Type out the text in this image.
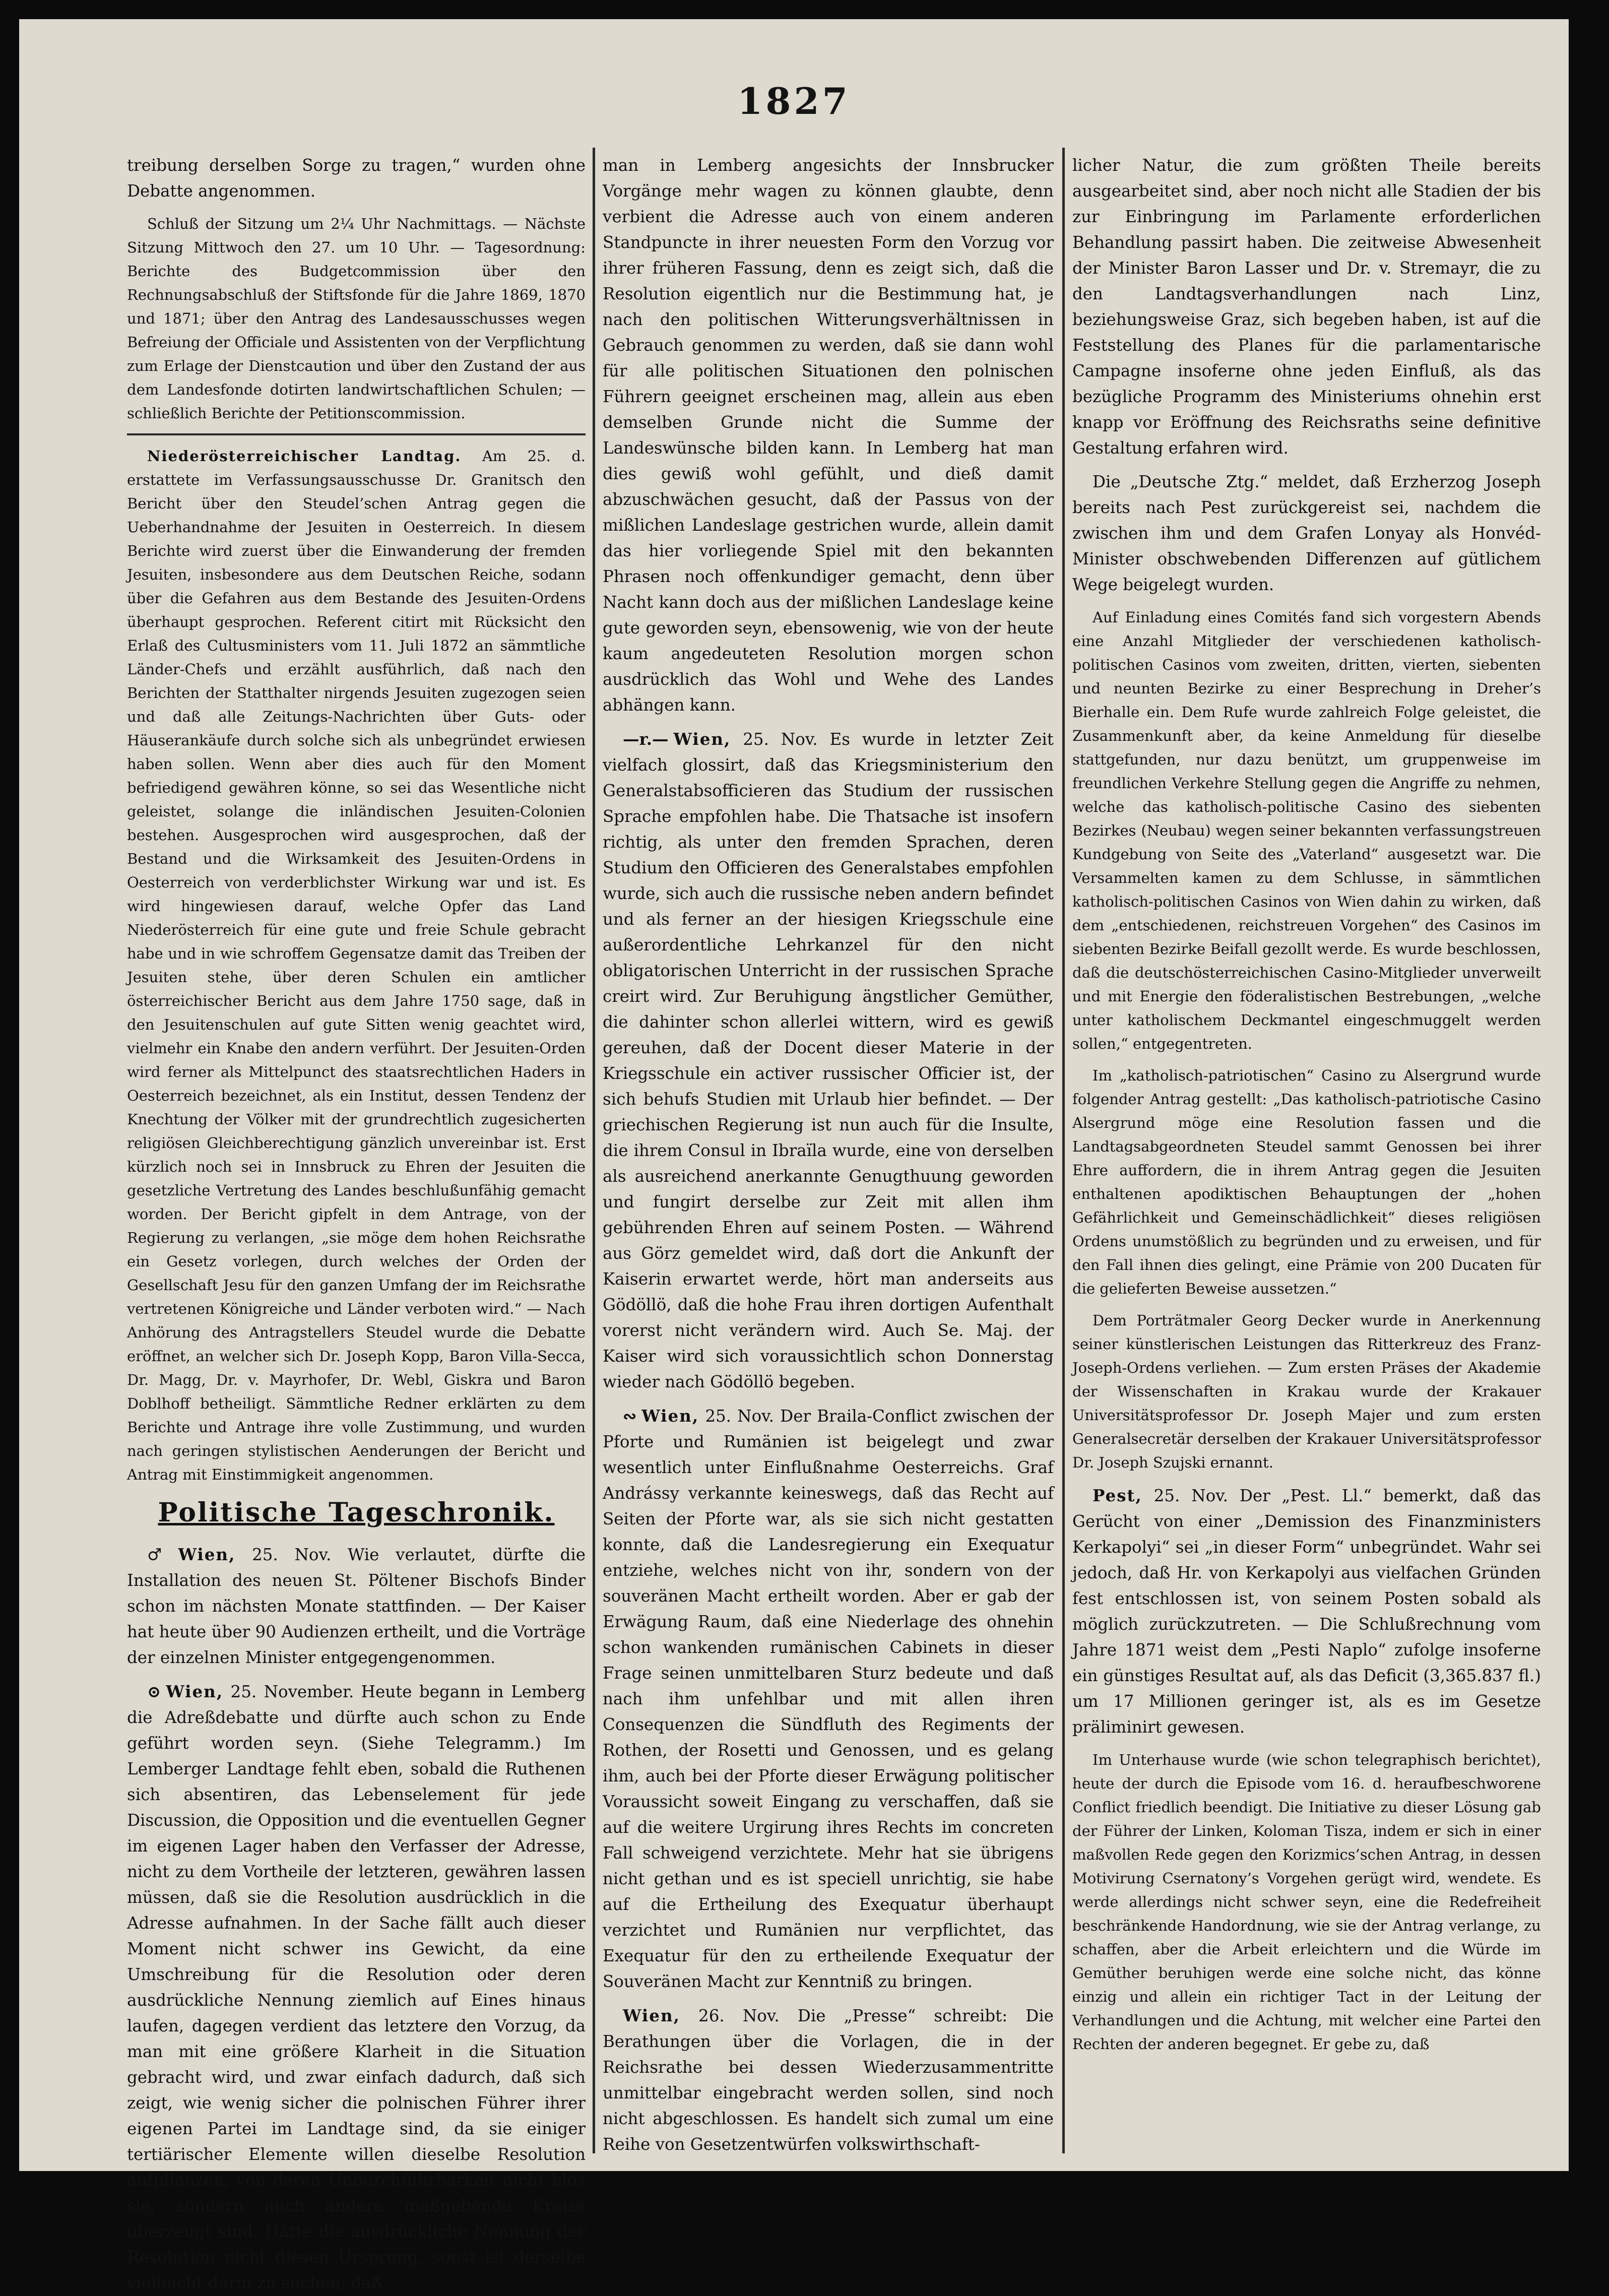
1827

treibung derselben Sorge zu tragen,“ wurden ohne Debatte angenommen.

Schluß der Sitzung um 2¼ Uhr Nachmittags. — Nächste Sitzung Mittwoch den 27. um 10 Uhr. — Tagesordnung: Berichte des Budgetcommission über den Rechnungsabschluß der Stiftsfonde für die Jahre 1869, 1870 und 1871; über den Antrag des Landesausschusses wegen Befreiung der Officiale und Assistenten von der Verpflichtung zum Erlage der Dienstcaution und über den Zustand der aus dem Landesfonde dotirten landwirtschaftlichen Schulen; — schließlich Berichte der Petitionscommission.

Niederösterreichischer Landtag. Am 25. d. erstattete im Verfassungsausschusse Dr. Granitsch den Bericht über den Steudel’schen Antrag gegen die Ueberhandnahme der Jesuiten in Oesterreich. In diesem Berichte wird zuerst über die Einwanderung der fremden Jesuiten, insbesondere aus dem Deutschen Reiche, sodann über die Gefahren aus dem Bestande des Jesuiten-Ordens überhaupt gesprochen. Referent citirt mit Rücksicht den Erlaß des Cultusministers vom 11. Juli 1872 an sämmtliche Länder-Chefs und erzählt ausführlich, daß nach den Berichten der Statthalter nirgends Jesuiten zugezogen seien und daß alle Zeitungs-Nachrichten über Guts- oder Häuserankäufe durch solche sich als unbegründet erwiesen haben sollen. Wenn aber dies auch für den Moment befriedigend gewähren könne, so sei das Wesentliche nicht geleistet, solange die inländischen Jesuiten-Colonien bestehen. Ausgesprochen wird ausgesprochen, daß der Bestand und die Wirksamkeit des Jesuiten-Ordens in Oesterreich von verderblichster Wirkung war und ist. Es wird hingewiesen darauf, welche Opfer das Land Niederösterreich für eine gute und freie Schule gebracht habe und in wie schroffem Gegensatze damit das Treiben der Jesuiten stehe, über deren Schulen ein amtlicher österreichischer Bericht aus dem Jahre 1750 sage, daß in den Jesuitenschulen auf gute Sitten wenig geachtet wird, vielmehr ein Knabe den andern verführt. Der Jesuiten-Orden wird ferner als Mittelpunct des staatsrechtlichen Haders in Oesterreich bezeichnet, als ein Institut, dessen Tendenz der Knechtung der Völker mit der grundrechtlich zugesicherten religiösen Gleichberechtigung gänzlich unvereinbar ist. Erst kürzlich noch sei in Innsbruck zu Ehren der Jesuiten die gesetzliche Vertretung des Landes beschlußunfähig gemacht worden. Der Bericht gipfelt in dem Antrage, von der Regierung zu verlangen, „sie möge dem hohen Reichsrathe ein Gesetz vorlegen, durch welches der Orden der Gesellschaft Jesu für den ganzen Umfang der im Reichsrathe vertretenen Königreiche und Länder verboten wird.“ — Nach Anhörung des Antragstellers Steudel wurde die Debatte eröffnet, an welcher sich Dr. Joseph Kopp, Baron Villa-Secca, Dr. Magg, Dr. v. Mayrhofer, Dr. Webl, Giskra und Baron Doblhoff betheiligt. Sämmtliche Redner erklärten zu dem Berichte und Antrage ihre volle Zustimmung, und wurden nach geringen stylistischen Aenderungen der Bericht und Antrag mit Einstimmigkeit angenommen.

Politische Tageschronik.

♂ Wien, 25. Nov. Wie verlautet, dürfte die Installation des neuen St. Pöltener Bischofs Binder schon im nächsten Monate stattfinden. — Der Kaiser hat heute über 90 Audienzen ertheilt, und die Vorträge der einzelnen Minister entgegengenommen.

⊙ Wien, 25. November. Heute begann in Lemberg die Adreßdebatte und dürfte auch schon zu Ende geführt worden seyn. (Siehe Telegramm.) Im Lemberger Landtage fehlt eben, sobald die Ruthenen sich absentiren, das Lebenselement für jede Discussion, die Opposition und die eventuellen Gegner im eigenen Lager haben den Verfasser der Adresse, nicht zu dem Vortheile der letzteren, gewähren lassen müssen, daß sie die Resolution ausdrücklich in die Adresse aufnahmen. In der Sache fällt auch dieser Moment nicht schwer ins Gewicht, da eine Umschreibung für die Resolution oder deren ausdrückliche Nennung ziemlich auf Eines hinaus laufen, dagegen verdient das letztere den Vorzug, da man mit eine größere Klarheit in die Situation gebracht wird, und zwar einfach dadurch, daß sich zeigt, wie wenig sicher die polnischen Führer ihrer eigenen Partei im Landtage sind, da sie einiger tertiärischer Elemente willen dieselbe Resolution aufpflanzen, von deren Unburchführbarkeit nicht blos sie, sondern auch andere maßgebende Kreise überzeugt sind. Hätte die ausdrückliche Nennung der Resolution nicht diesen Ursprung, sonst ist derselbe vielleicht darin zu suchen, daß

man in Lemberg angesichts der Innsbrucker Vorgänge mehr wagen zu können glaubte, denn verbient die Adresse auch von einem anderen Standpuncte in ihrer neuesten Form den Vorzug vor ihrer früheren Fassung, denn es zeigt sich, daß die Resolution eigentlich nur die Bestimmung hat, je nach den politischen Witterungsverhältnissen in Gebrauch genommen zu werden, daß sie dann wohl für alle politischen Situationen den polnischen Führern geeignet erscheinen mag, allein aus eben demselben Grunde nicht die Summe der Landeswünsche bilden kann. In Lemberg hat man dies gewiß wohl gefühlt, und dieß damit abzuschwächen gesucht, daß der Passus von der mißlichen Landeslage gestrichen wurde, allein damit das hier vorliegende Spiel mit den bekannten Phrasen noch offenkundiger gemacht, denn über Nacht kann doch aus der mißlichen Landeslage keine gute geworden seyn, ebensowenig, wie von der heute kaum angedeuteten Resolution morgen schon ausdrücklich das Wohl und Wehe des Landes abhängen kann.

—r.— Wien, 25. Nov. Es wurde in letzter Zeit vielfach glossirt, daß das Kriegsministerium den Generalstabsofficieren das Studium der russischen Sprache empfohlen habe. Die Thatsache ist insofern richtig, als unter den fremden Sprachen, deren Studium den Officieren des Generalstabes empfohlen wurde, sich auch die russische neben andern befindet und als ferner an der hiesigen Kriegsschule eine außerordentliche Lehrkanzel für den nicht obligatorischen Unterricht in der russischen Sprache creirt wird. Zur Beruhigung ängstlicher Gemüther, die dahinter schon allerlei wittern, wird es gewiß gereuhen, daß der Docent dieser Materie in der Kriegsschule ein activer russischer Officier ist, der sich behufs Studien mit Urlaub hier befindet. — Der griechischen Regierung ist nun auch für die Insulte, die ihrem Consul in Ibraïla wurde, eine von derselben als ausreichend anerkannte Genugthuung geworden und fungirt derselbe zur Zeit mit allen ihm gebührenden Ehren auf seinem Posten. — Während aus Görz gemeldet wird, daß dort die Ankunft der Kaiserin erwartet werde, hört man anderseits aus Gödöllö, daß die hohe Frau ihren dortigen Aufenthalt vorerst nicht verändern wird. Auch Se. Maj. der Kaiser wird sich voraussichtlich schon Donnerstag wieder nach Gödöllö begeben.

∾ Wien, 25. Nov. Der Braila-Conflict zwischen der Pforte und Rumänien ist beigelegt und zwar wesentlich unter Einflußnahme Oesterreichs. Graf Andrássy verkannte keineswegs, daß das Recht auf Seiten der Pforte war, als sie sich nicht gestatten konnte, daß die Landesregierung ein Exequatur entziehe, welches nicht von ihr, sondern von der souveränen Macht ertheilt worden. Aber er gab der Erwägung Raum, daß eine Niederlage des ohnehin schon wankenden rumänischen Cabinets in dieser Frage seinen unmittelbaren Sturz bedeute und daß nach ihm unfehlbar und mit allen ihren Consequenzen die Sündfluth des Regiments der Rothen, der Rosetti und Genossen, und es gelang ihm, auch bei der Pforte dieser Erwägung politischer Voraussicht soweit Eingang zu verschaffen, daß sie auf die weitere Urgirung ihres Rechts im concreten Fall schweigend verzichtete. Mehr hat sie übrigens nicht gethan und es ist speciell unrichtig, sie habe auf die Ertheilung des Exequatur überhaupt verzichtet und Rumänien nur verpflichtet, das Exequatur für den zu ertheilende Exequatur der Souveränen Macht zur Kenntniß zu bringen.

Wien, 26. Nov. Die „Presse“ schreibt: Die Berathungen über die Vorlagen, die in der Reichsrathe bei dessen Wiederzusammentritte unmittelbar eingebracht werden sollen, sind noch nicht abgeschlossen. Es handelt sich zumal um eine Reihe von Gesetzentwürfen volkswirthschaft-

licher Natur, die zum größten Theile bereits ausgearbeitet sind, aber noch nicht alle Stadien der bis zur Einbringung im Parlamente erforderlichen Behandlung passirt haben. Die zeitweise Abwesenheit der Minister Baron Lasser und Dr. v. Stremayr, die zu den Landtagsverhandlungen nach Linz, beziehungsweise Graz, sich begeben haben, ist auf die Feststellung des Planes für die parlamentarische Campagne insoferne ohne jeden Einfluß, als das bezügliche Programm des Ministeriums ohnehin erst knapp vor Eröffnung des Reichsraths seine definitive Gestaltung erfahren wird.

Die „Deutsche Ztg.“ meldet, daß Erzherzog Joseph bereits nach Pest zurückgereist sei, nachdem die zwischen ihm und dem Grafen Lonyay als Honvéd-Minister obschwebenden Differenzen auf gütlichem Wege beigelegt wurden.

Auf Einladung eines Comités fand sich vorgestern Abends eine Anzahl Mitglieder der verschiedenen katholisch-politischen Casinos vom zweiten, dritten, vierten, siebenten und neunten Bezirke zu einer Besprechung in Dreher’s Bierhalle ein. Dem Rufe wurde zahlreich Folge geleistet, die Zusammenkunft aber, da keine Anmeldung für dieselbe stattgefunden, nur dazu benützt, um gruppenweise im freundlichen Verkehre Stellung gegen die Angriffe zu nehmen, welche das katholisch-politische Casino des siebenten Bezirkes (Neubau) wegen seiner bekannten verfassungstreuen Kundgebung von Seite des „Vaterland“ ausgesetzt war. Die Versammelten kamen zu dem Schlusse, in sämmtlichen katholisch-politischen Casinos von Wien dahin zu wirken, daß dem „entschiedenen, reichstreuen Vorgehen“ des Casinos im siebenten Bezirke Beifall gezollt werde. Es wurde beschlossen, daß die deutschösterreichischen Casino-Mitglieder unverweilt und mit Energie den föderalistischen Bestrebungen, „welche unter katholischem Deckmantel eingeschmuggelt werden sollen,“ entgegentreten.

Im „katholisch-patriotischen“ Casino zu Alsergrund wurde folgender Antrag gestellt: „Das katholisch-patriotische Casino Alsergrund möge eine Resolution fassen und die Landtagsabgeordneten Steudel sammt Genossen bei ihrer Ehre auffordern, die in ihrem Antrag gegen die Jesuiten enthaltenen apodiktischen Behauptungen der „hohen Gefährlichkeit und Gemeinschädlichkeit“ dieses religiösen Ordens unumstößlich zu begründen und zu erweisen, und für den Fall ihnen dies gelingt, eine Prämie von 200 Ducaten für die gelieferten Beweise aussetzen.“

Dem Porträtmaler Georg Decker wurde in Anerkennung seiner künstlerischen Leistungen das Ritterkreuz des Franz-Joseph-Ordens verliehen. — Zum ersten Präses der Akademie der Wissenschaften in Krakau wurde der Krakauer Universitätsprofessor Dr. Joseph Majer und zum ersten Generalsecretär derselben der Krakauer Universitätsprofessor Dr. Joseph Szujski ernannt.

Pest, 25. Nov. Der „Pest. Ll.“ bemerkt, daß das Gerücht von einer „Demission des Finanzministers Kerkapolyi“ sei „in dieser Form“ unbegründet. Wahr sei jedoch, daß Hr. von Kerkapolyi aus vielfachen Gründen fest entschlossen ist, von seinem Posten sobald als möglich zurückzutreten. — Die Schlußrechnung vom Jahre 1871 weist dem „Pesti Naplo“ zufolge insoferne ein günstiges Resultat auf, als das Deficit (3,365.837 fl.) um 17 Millionen geringer ist, als es im Gesetze präliminirt gewesen.

Im Unterhause wurde (wie schon telegraphisch berichtet), heute der durch die Episode vom 16. d. heraufbeschworene Conflict friedlich beendigt. Die Initiative zu dieser Lösung gab der Führer der Linken, Koloman Tisza, indem er sich in einer maßvollen Rede gegen den Korizmics’schen Antrag, in dessen Motivirung Csernatony’s Vorgehen gerügt wird, wendete. Es werde allerdings nicht schwer seyn, eine die Redefreiheit beschränkende Handordnung, wie sie der Antrag verlange, zu schaffen, aber die Arbeit erleichtern und die Würde im Gemüther beruhigen werde eine solche nicht, das könne einzig und allein ein richtiger Tact in der Leitung der Verhandlungen und die Achtung, mit welcher eine Partei den Rechten der anderen begegnet. Er gebe zu, daß
